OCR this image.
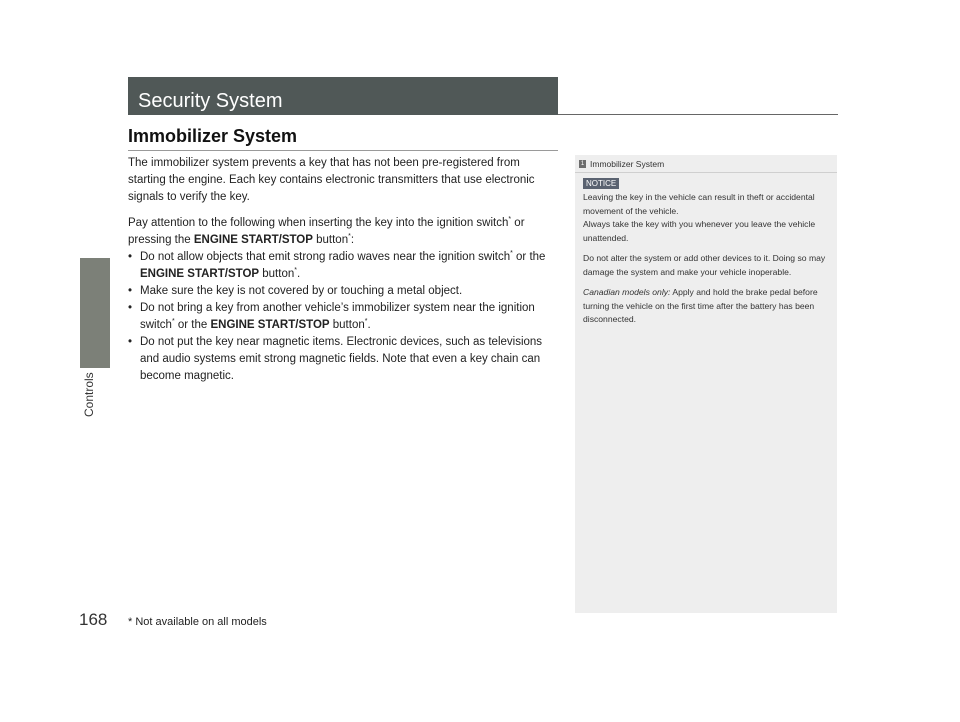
Controls
168
Security System
Immobilizer System

The immobilizer system prevents a key that has not been pre-registered from starting the engine. Each key contains electronic transmitters that use electronic signals to verify the key.

Pay attention to the following when inserting the key into the ignition switch* or pressing the ENGINE START/STOP button*:
• Do not allow objects that emit strong radio waves near the ignition switch* or the ENGINE START/STOP button*.
• Make sure the key is not covered by or touching a metal object.
• Do not bring a key from another vehicle’s immobilizer system near the ignition switch* or the ENGINE START/STOP button*.
• Do not put the key near magnetic items. Electronic devices, such as televisions and audio systems emit strong magnetic fields. Note that even a key chain can become magnetic.
1 Immobilizer System
NOTICE

Leaving the key in the vehicle can result in theft or accidental movement of the vehicle.
Always take the key with you whenever you leave the vehicle unattended.

Do not alter the system or add other devices to it. Doing so may damage the system and make your vehicle inoperable.

Canadian models only: Apply and hold the brake pedal before turning the vehicle on the first time after the battery has been disconnected.

* Not available on all models
